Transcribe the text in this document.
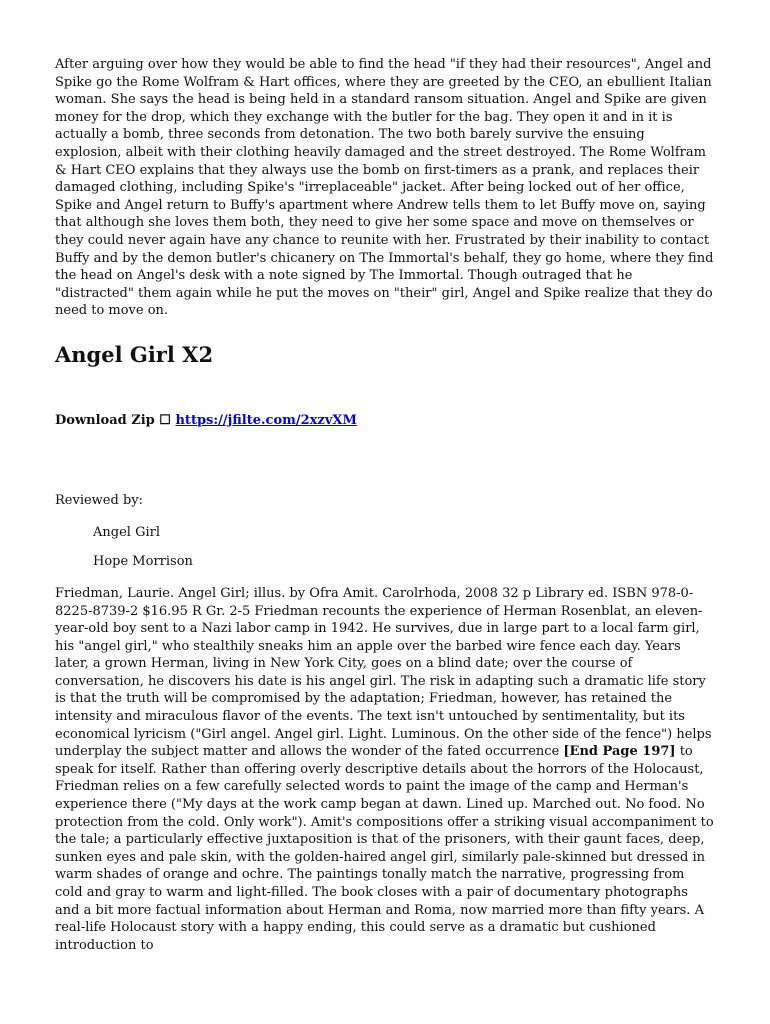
After arguing over how they would be able to find the head "if they had their resources", Angel and Spike go the Rome Wolfram & Hart offices, where they are greeted by the CEO, an ebullient Italian woman. She says the head is being held in a standard ransom situation. Angel and Spike are given money for the drop, which they exchange with the butler for the bag. They open it and in it is actually a bomb, three seconds from detonation. The two both barely survive the ensuing explosion, albeit with their clothing heavily damaged and the street destroyed. The Rome Wolfram & Hart CEO explains that they always use the bomb on first-timers as a prank, and replaces their damaged clothing, including Spike's "irreplaceable" jacket. After being locked out of her office, Spike and Angel return to Buffy's apartment where Andrew tells them to let Buffy move on, saying that although she loves them both, they need to give her some space and move on themselves or they could never again have any chance to reunite with her. Frustrated by their inability to contact Buffy and by the demon butler's chicanery on The Immortal's behalf, they go home, where they find the head on Angel's desk with a note signed by The Immortal. Though outraged that he "distracted" them again while he put the moves on "their" girl, Angel and Spike realize that they do need to move on.

Angel Girl X2
Download Zip ☐ https://jfilte.com/2xzvXM
Reviewed by:
Angel Girl
Hope Morrison

Friedman, Laurie. Angel Girl; illus. by Ofra Amit. Carolrhoda, 2008 32 p Library ed. ISBN 978-0-8225-8739-2 $16.95 R Gr. 2-5 Friedman recounts the experience of Herman Rosenblat, an eleven-year-old boy sent to a Nazi labor camp in 1942. He survives, due in large part to a local farm girl, his "angel girl," who stealthily sneaks him an apple over the barbed wire fence each day. Years later, a grown Herman, living in New York City, goes on a blind date; over the course of conversation, he discovers his date is his angel girl. The risk in adapting such a dramatic life story is that the truth will be compromised by the adaptation; Friedman, however, has retained the intensity and miraculous flavor of the events. The text isn't untouched by sentimentality, but its economical lyricism ("Girl angel. Angel girl. Light. Luminous. On the other side of the fence") helps underplay the subject matter and allows the wonder of the fated occurrence [End Page 197] to speak for itself. Rather than offering overly descriptive details about the horrors of the Holocaust, Friedman relies on a few carefully selected words to paint the image of the camp and Herman's experience there ("My days at the work camp began at dawn. Lined up. Marched out. No food. No protection from the cold. Only work"). Amit's compositions offer a striking visual accompaniment to the tale; a particularly effective juxtaposition is that of the prisoners, with their gaunt faces, deep, sunken eyes and pale skin, with the golden-haired angel girl, similarly pale-skinned but dressed in warm shades of orange and ochre. The paintings tonally match the narrative, progressing from cold and gray to warm and light-filled. The book closes with a pair of documentary photographs and a bit more factual information about Herman and Roma, now married more than fifty years. A real-life Holocaust story with a happy ending, this could serve as a dramatic but cushioned introduction to
